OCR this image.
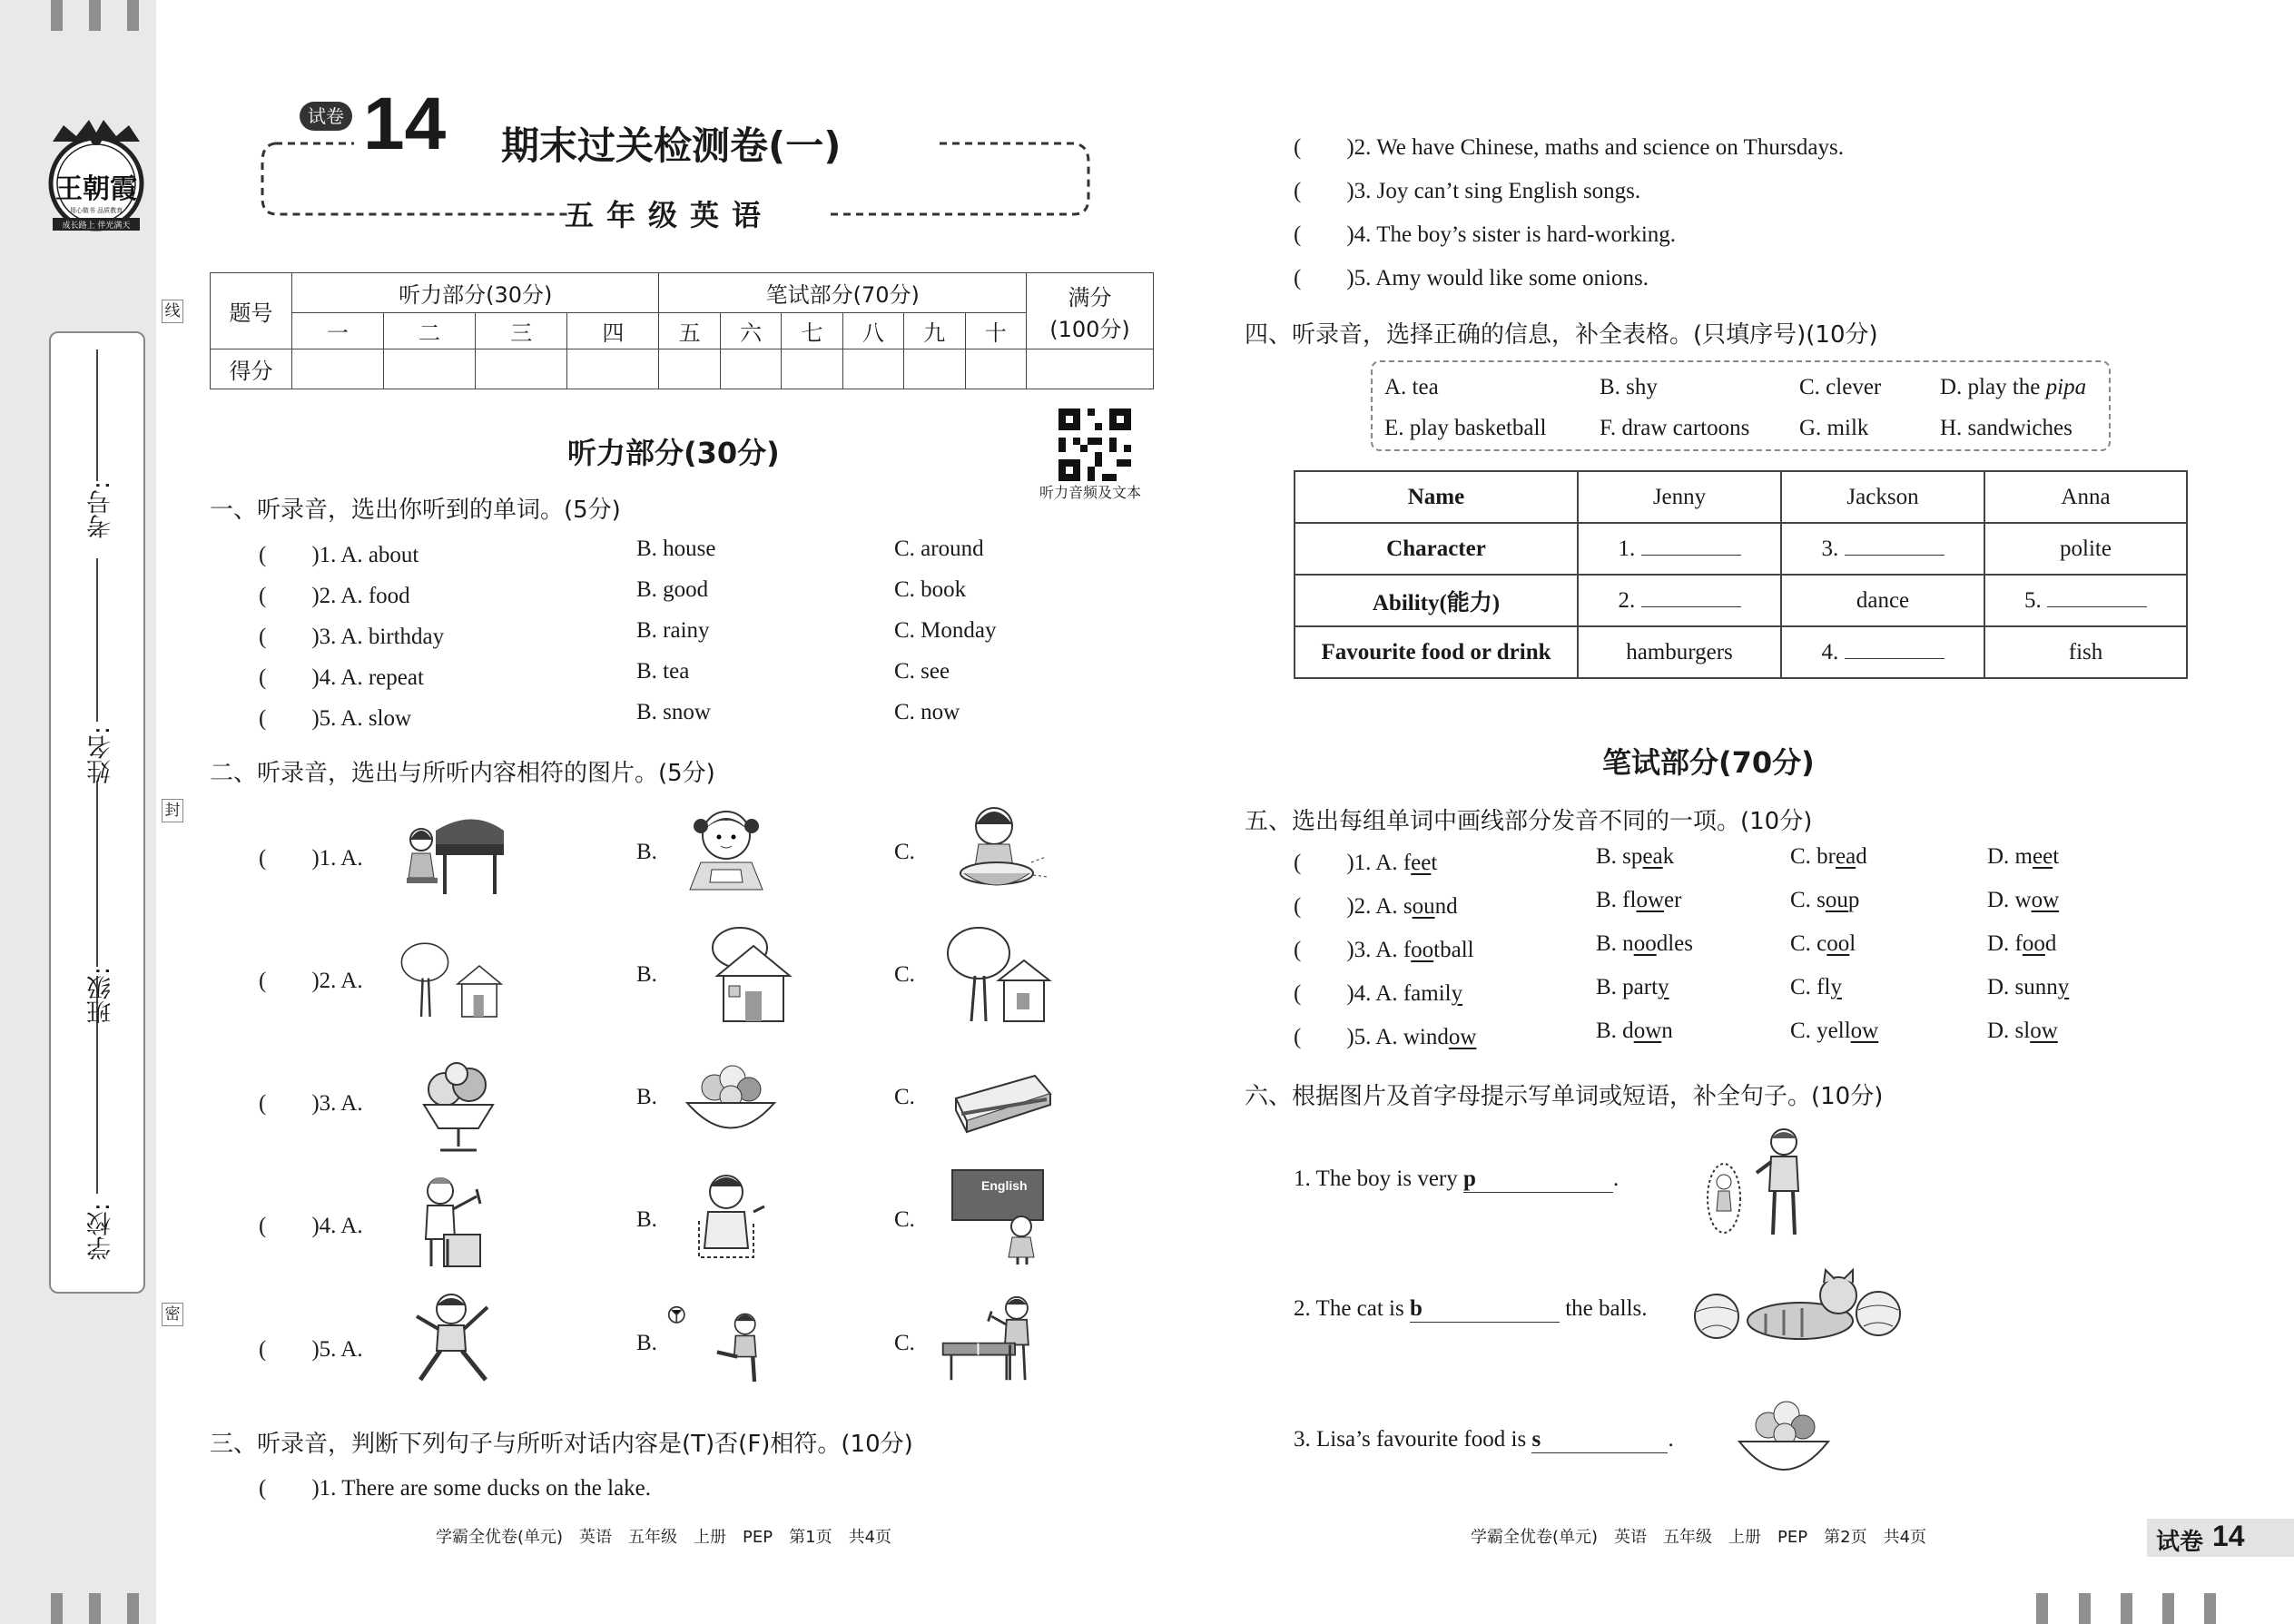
王朝霞
用心做书 品质教育
成长路上 伴光满天
学校:
班级:
姓名:
考号:
线
封
密
试卷 14 期末过关检测卷(一)
五年级英语
题号	听力部分(30分)				笔试部分(70分)						满分
(100分)

	一	二	三	四	五	六	七	八	九	十	
得分											
听力音频及文本
听力部分(30分)
一、听录音，选出你听到的单词。(5分)
(　　)1. A. about	B. house	C. around
(　　)2. A. food	B. good	C. book
(　　)3. A. birthday	B. rainy	C. Monday
(　　)4. A. repeat	B. tea	C. see
(　　)5. A. slow	B. snow	C. now
二、听录音，选出与所听内容相符的图片。(5分)
(　　)1. A.	B.	C.
(　　)2. A.	B.	C.
(　　)3. A.	B.	C.
(　　)4. A.	B.	C.
(　　)5. A.	B.	C.
English
三、听录音，判断下列句子与所听对话内容是(T)否(F)相符。(10分)
(　　)1. There are some ducks on the lake.
(　　)2. We have Chinese, maths and science on Thursdays.
(　　)3. Joy can’t sing English songs.
(　　)4. The boy’s sister is hard-working.
(　　)5. Amy would like some onions.
四、听录音，选择正确的信息，补全表格。(只填序号)(10分)
A. tea	B. shy	C. clever	D. play the pipa
E. play basketball F. draw cartoons G. milk	H. sandwiches
Name	Jenny	Jackson	Anna
Character	1.	3.	polite
Ability(能力)	2.	dance	5.
Favourite food or drink	hamburgers	4.	fish
笔试部分(70分)
五、选出每组单词中画线部分发音不同的一项。(10分)
(　　)1. A. feet	B. speak	C. bread	D. meet
(　　)2. A. sound	B. flower	C. soup	D. wow
(　　)3. A. football	B. noodles	C. cool	D. food
(　　)4. A. family	B. party	C. fly	D. sunny
(　　)5. A. window	B. down	C. yellow	D. slow
六、根据图片及首字母提示写单词或短语，补全句子。(10分)
1. The boy is very p	.
2. The cat is b	the balls.
3. Lisa’s favourite food is s	.
学霸全优卷(单元)　英语　五年级　上册　PEP　第1页　共4页	学霸全优卷(单元)　英语　五年级　上册　PEP　第2页　共4页	试卷 14
